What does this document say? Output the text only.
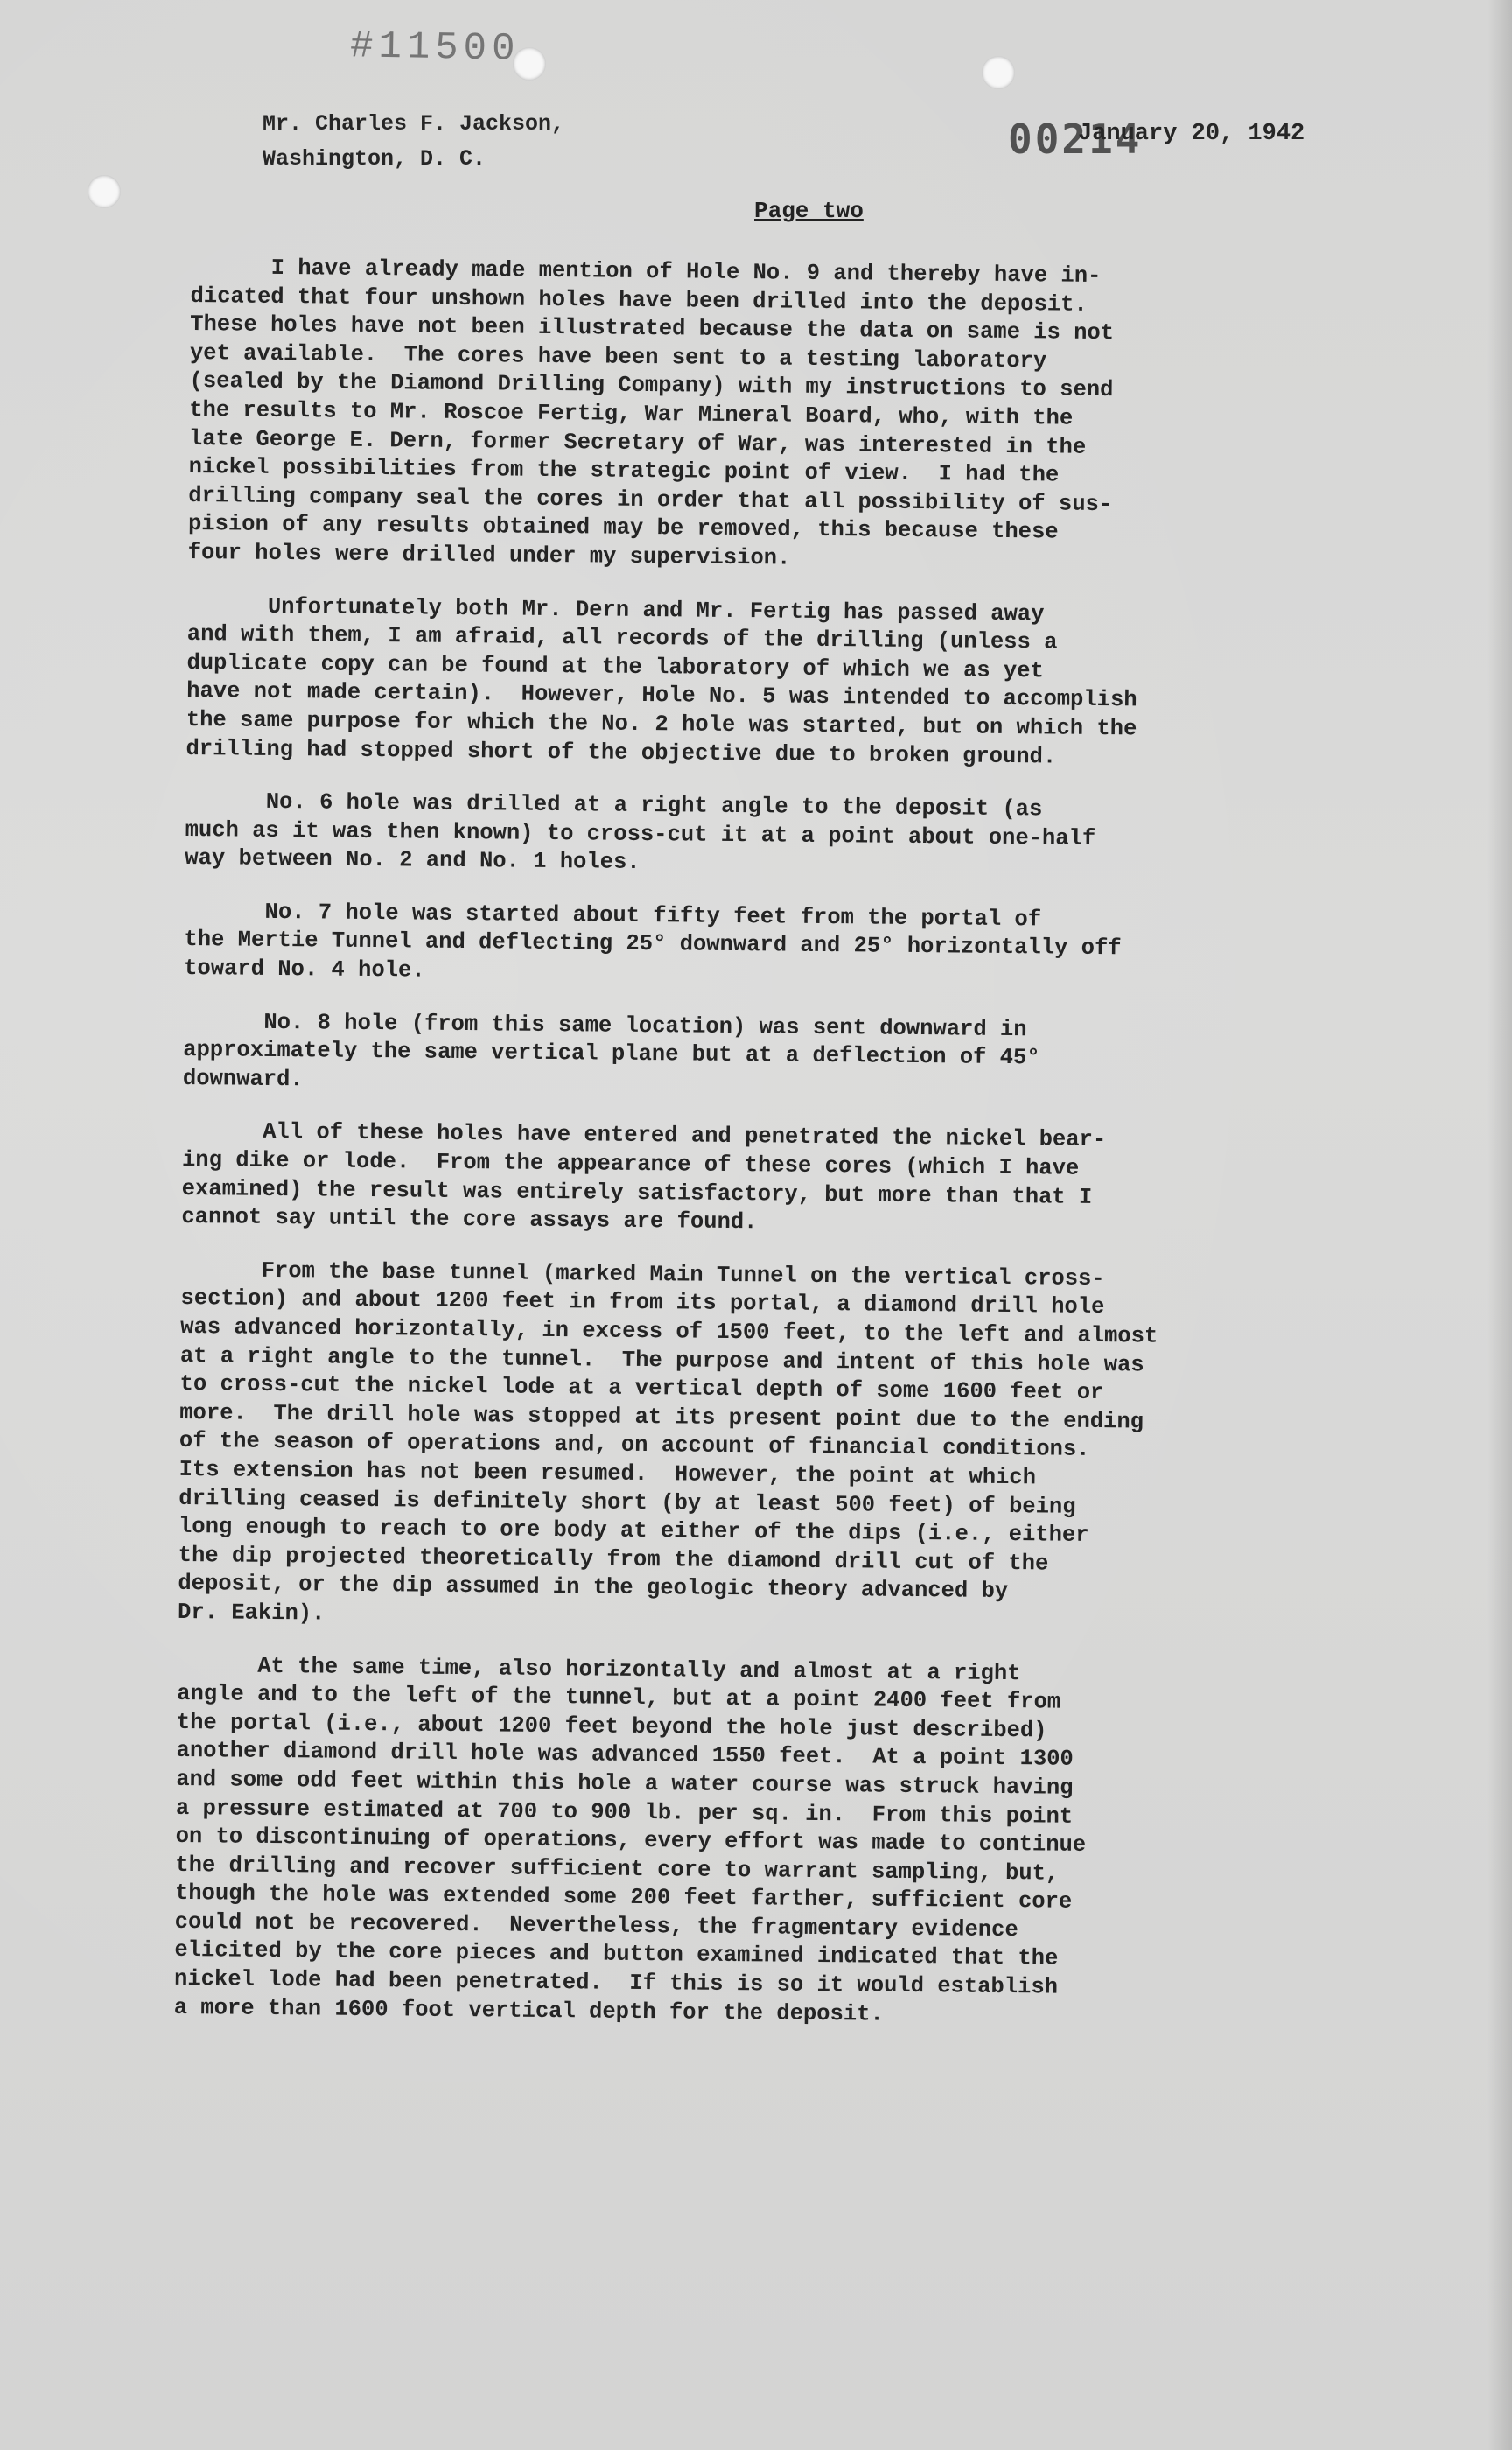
#11500
00214
Mr. Charles F. Jackson,
Washington, D. C.
January 20, 1942
Page two
I have already made mention of Hole No. 9 and thereby have in-
dicated that four unshown holes have been drilled into the deposit.
These holes have not been illustrated because the data on same is not
yet available.  The cores have been sent to a testing laboratory
(sealed by the Diamond Drilling Company) with my instructions to send
the results to Mr. Roscoe Fertig, War Mineral Board, who, with the
late George E. Dern, former Secretary of War, was interested in the
nickel possibilities from the strategic point of view.  I had the
drilling company seal the cores in order that all possibility of sus-
pision of any results obtained may be removed, this because these
four holes were drilled under my supervision.
Unfortunately both Mr. Dern and Mr. Fertig has passed away
and with them, I am afraid, all records of the drilling (unless a
duplicate copy can be found at the laboratory of which we as yet
have not made certain).  However, Hole No. 5 was intended to accomplish
the same purpose for which the No. 2 hole was started, but on which the
drilling had stopped short of the objective due to broken ground.
No. 6 hole was drilled at a right angle to the deposit (as
much as it was then known) to cross-cut it at a point about one-half
way between No. 2 and No. 1 holes.
No. 7 hole was started about fifty feet from the portal of
the Mertie Tunnel and deflecting 25° downward and 25° horizontally off
toward No. 4 hole.
No. 8 hole (from this same location) was sent downward in
approximately the same vertical plane but at a deflection of 45°
downward.
All of these holes have entered and penetrated the nickel bear-
ing dike or lode.  From the appearance of these cores (which I have
examined) the result was entirely satisfactory, but more than that I
cannot say until the core assays are found.
From the base tunnel (marked Main Tunnel on the vertical cross-
section) and about 1200 feet in from its portal, a diamond drill hole
was advanced horizontally, in excess of 1500 feet, to the left and almost
at a right angle to the tunnel.  The purpose and intent of this hole was
to cross-cut the nickel lode at a vertical depth of some 1600 feet or
more.  The drill hole was stopped at its present point due to the ending
of the season of operations and, on account of financial conditions.
Its extension has not been resumed.  However, the point at which
drilling ceased is definitely short (by at least 500 feet) of being
long enough to reach to ore body at either of the dips (i.e., either
the dip projected theoretically from the diamond drill cut of the
deposit, or the dip assumed in the geologic theory advanced by
Dr. Eakin).
At the same time, also horizontally and almost at a right
angle and to the left of the tunnel, but at a point 2400 feet from
the portal (i.e., about 1200 feet beyond the hole just described)
another diamond drill hole was advanced 1550 feet.  At a point 1300
and some odd feet within this hole a water course was struck having
a pressure estimated at 700 to 900 lb. per sq. in.  From this point
on to discontinuing of operations, every effort was made to continue
the drilling and recover sufficient core to warrant sampling, but,
though the hole was extended some 200 feet farther, sufficient core
could not be recovered.  Nevertheless, the fragmentary evidence
elicited by the core pieces and button examined indicated that the
nickel lode had been penetrated.  If this is so it would establish
a more than 1600 foot vertical depth for the deposit.
